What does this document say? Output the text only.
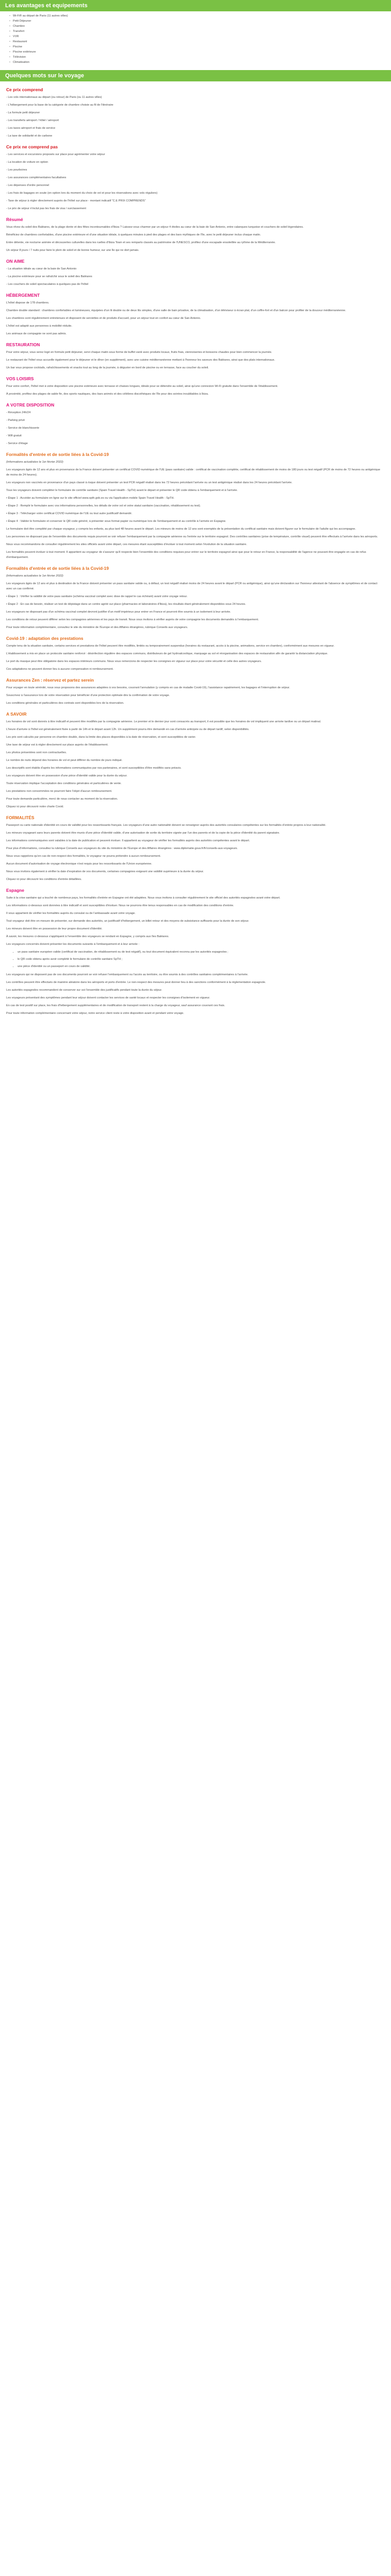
Les avantages et equipements
• Wi-Fi® au départ de Paris (11 autres villes)
• Petit Déjeuner
• Chambre
• Transfert
• VVR
• Restaurant
• Piscine
• Piscine extérieure
• Télévision
• Climatisation
Quelques mots sur le voyage
Ce prix comprend

- Les vols internationaux au départ (ou retour) de Paris (ou 11 autres villes)

- L'hébergement pour la base de la catégorie de chambre choisie au fil de l'itinéraire

- La formule petit déjeuner

- Les transferts aéroport / hôtel / aéroport

- Les taxes aéroport et frais de service

- La taxe de solidarité et de carbone

Ce prix ne comprend pas

- Les services et excursions proposés sur place pour agrémenter votre séjour

- La location de voiture en option

- Les pourboires

- Les assurances complémentaires facultatives

- Les dépenses d'ordre personnel

- Les frais de bagages en soute (en option lors du moment du choix de vol et pour les réservations avec vols réguliers)

- Taxe de séjour à régler directement auprès de l'hôtel sur place - montant indicatif “C.E PRIX COMPRENDS”

- Le prix de séjour n'inclut pas les frais de visa / surclassement

Résumé

Vous rêvez du soleil des Baléares, de la plage dorée et des fêtes incontournables d'Ibiza ? Laissez-vous charmer par un séjour 4 étoiles au cœur de la baie de San Antonio, entre calanques turquoise et couchers de soleil légendaires.

Bénéficiez de chambres confortables, d'une piscine extérieure et d'une situation idéale, à quelques minutes à pied des plages et des bars mythiques de l'île, avec le petit déjeuner inclus chaque matin.

Entre détente, vie nocturne animée et découvertes culturelles dans les ruelles d'Ibiza Town et ses remparts classés au patrimoine de l'UNESCO, profitez d'une escapade ensoleillée au rythme de la Méditerranée.

Un séjour 8 jours / 7 nuits pour faire le plein de soleil et de bonne humeur, sur une île qui ne dort jamais.

ON AIME

- La situation idéale au cœur de la baie de San Antonio

- La piscine extérieure pour se rafraîchir sous le soleil des Baléares

- Les couchers de soleil spectaculaires à quelques pas de l'hôtel

HÉBERGEMENT

L'hôtel dispose de 178 chambres.

Chambre double standard : chambres confortables et lumineuses, équipées d'un lit double ou de deux lits simples, d'une salle de bain privative, de la climatisation, d'un téléviseur à écran plat, d'un coffre-fort et d'un balcon pour profiter de la douceur méditerranéenne.

Les chambres sont régulièrement entretenues et disposent de serviettes et de produits d'accueil, pour un séjour tout en confort au cœur de San Antonio.

L'hôtel est adapté aux personnes à mobilité réduite.

Les animaux de compagnie ne sont pas admis.

RESTAURATION

Pour votre séjour, vous serez logé en formule petit déjeuner, servi chaque matin sous forme de buffet varié avec produits locaux, fruits frais, viennoiseries et boissons chaudes pour bien commencer la journée.

Le restaurant de l'hôtel vous accueille également pour le déjeuner et le dîner (en supplément), avec une cuisine méditerranéenne mettant à l'honneur les saveurs des Baléares, ainsi que des plats internationaux.

Un bar vous propose cocktails, rafraîchissements et snacks tout au long de la journée, à déguster en bord de piscine ou en terrasse, face au coucher du soleil.

VOS LOISIRS

Pour votre confort, l'hôtel met à votre disposition une piscine extérieure avec terrasse et chaises longues, idéale pour se détendre au soleil, ainsi qu'une connexion Wi-Fi gratuite dans l'ensemble de l'établissement.

À proximité, profitez des plages de sable fin, des sports nautiques, des bars animés et des célèbres discothèques de l'île pour des soirées inoubliables à Ibiza.

A VOTRE DISPOSITION

- Réception 24h/24

- Parking privé

- Service de blanchisserie

- Wifi gratuit

- Service d'étage

Formalités d'entrée et de sortie liées à la Covid-19

(Informations actualisées le 1er février 2022)

Les voyageurs âgés de 12 ans et plus en provenance de la France doivent présenter un certificat COVID numérique de l'UE (pass sanitaire) valide : certificat de vaccination complète, certificat de rétablissement de moins de 180 jours ou test négatif (PCR de moins de 72 heures ou antigénique de moins de 24 heures).

Les voyageurs non vaccinés en provenance d'un pays classé à risque doivent présenter un test PCR négatif réalisé dans les 72 heures précédant l'arrivée ou un test antigénique réalisé dans les 24 heures précédant l'arrivée.

Tous les voyageurs doivent compléter le formulaire de contrôle sanitaire (Spain Travel Health - SpTH) avant le départ et présenter le QR code obtenu à l'embarquement et à l'arrivée.

• Étape 1 : Accéder au formulaire en ligne sur le site officiel www.spth.gob.es ou via l'application mobile Spain Travel Health - SpTH.

• Étape 2 : Remplir le formulaire avec vos informations personnelles, les détails de votre vol et votre statut sanitaire (vaccination, rétablissement ou test).

• Étape 3 : Télécharger votre certificat COVID numérique de l'UE ou tout autre justificatif demandé.

• Étape 4 : Valider le formulaire et conserver le QR code généré, à présenter sous format papier ou numérique lors de l'embarquement et au contrôle à l'arrivée en Espagne.

Le formulaire doit être complété par chaque voyageur, y compris les enfants, au plus tard 48 heures avant le départ. Les mineurs de moins de 12 ans sont exemptés de la présentation du certificat sanitaire mais doivent figurer sur le formulaire de l'adulte qui les accompagne.

Les personnes ne disposant pas de l'ensemble des documents requis pourront se voir refuser l'embarquement par la compagnie aérienne ou l'entrée sur le territoire espagnol. Des contrôles sanitaires (prise de température, contrôle visuel) peuvent être effectués à l'arrivée dans les aéroports.

Nous vous recommandons de consulter régulièrement les sites officiels avant votre départ, ces mesures étant susceptibles d'évoluer à tout moment selon l'évolution de la situation sanitaire.

Les formalités peuvent évoluer à tout moment. Il appartient au voyageur de s'assurer qu'il respecte bien l'ensemble des conditions requises pour entrer sur le territoire espagnol ainsi que pour le retour en France, la responsabilité de l'agence ne pouvant être engagée en cas de refus d'embarquement.

Formalités d'entrée et de sortie liées à la Covid-19

(Informations actualisées le 1er février 2022)

Les voyageurs âgés de 12 ans et plus à destination de la France doivent présenter un pass sanitaire valide ou, à défaut, un test négatif réalisé moins de 24 heures avant le départ (PCR ou antigénique), ainsi qu'une déclaration sur l'honneur attestant de l'absence de symptômes et de contact avec un cas confirmé.

• Étape 1 : Vérifier la validité de votre pass sanitaire (schéma vaccinal complet avec dose de rappel le cas échéant) avant votre voyage retour.

• Étape 2 : En cas de besoin, réaliser un test de dépistage dans un centre agréé sur place (pharmacies et laboratoires d'Ibiza), les résultats étant généralement disponibles sous 24 heures.

Les voyageurs ne disposant pas d'un schéma vaccinal complet devront justifier d'un motif impérieux pour entrer en France et pourront être soumis à un isolement à leur arrivée.

Les conditions de retour peuvent différer selon les compagnies aériennes et les pays de transit. Nous vous invitons à vérifier auprès de votre compagnie les documents demandés à l'embarquement.

Pour toute information complémentaire, consultez le site du ministère de l'Europe et des Affaires étrangères, rubrique Conseils aux voyageurs.

Covid-19 : adaptation des prestations

Compte tenu de la situation sanitaire, certains services et prestations de l'hôtel peuvent être modifiés, limités ou temporairement suspendus (horaires du restaurant, accès à la piscine, animations, service en chambre), conformément aux mesures en vigueur.

L'établissement a mis en place un protocole sanitaire renforcé : désinfection régulière des espaces communs, distributeurs de gel hydroalcoolique, marquage au sol et réorganisation des espaces de restauration afin de garantir la distanciation physique.

Le port du masque peut être obligatoire dans les espaces intérieurs communs. Nous vous remercions de respecter les consignes en vigueur sur place pour votre sécurité et celle des autres voyageurs.

Ces adaptations ne peuvent donner lieu à aucune compensation ni remboursement.

Assurances Zen : réservez et partez serein

Pour voyager en toute sérénité, nous vous proposons des assurances adaptées à vos besoins, couvrant l'annulation (y compris en cas de maladie Covid-19), l'assistance rapatriement, les bagages et l'interruption de séjour.

Souscrivez à l'assurance lors de votre réservation pour bénéficier d'une protection optimale dès la confirmation de votre voyage.

Les conditions générales et particulières des contrats sont disponibles lors de la réservation.

A SAVOIR

Les horaires de vol sont donnés à titre indicatif et peuvent être modifiés par la compagnie aérienne. Le premier et le dernier jour sont consacrés au transport, il est possible que les horaires de vol impliquent une arrivée tardive ou un départ matinal.

L'heure d'arrivée à l'hôtel est généralement fixée à partir de 14h et le départ avant 12h. Un supplément pourra être demandé en cas d'arrivée anticipée ou de départ tardif, selon disponibilités.

Les prix sont calculés par personne en chambre double, dans la limite des places disponibles à la date de réservation, et sont susceptibles de varier.

Une taxe de séjour est à régler directement sur place auprès de l'établissement.

Les photos présentées sont non contractuelles.

Le nombre de nuits dépend des horaires de vol et peut différer du nombre de jours indiqué.

Les descriptifs sont établis d'après les informations communiquées par nos partenaires, et sont susceptibles d'être modifiés sans préavis.

Les voyageurs doivent être en possession d'une pièce d'identité valide pour la durée du séjour.

Toute réservation implique l'acceptation des conditions générales et particulières de vente.

Les prestations non consommées ne pourront faire l'objet d'aucun remboursement.

Pour toute demande particulière, merci de nous contacter au moment de la réservation.

Cliquez ici pour découvrir notre charte Covid.

FORMALITÉS

Passeport ou carte nationale d'identité en cours de validité pour les ressortissants français. Les voyageurs d'une autre nationalité doivent se renseigner auprès des autorités consulaires compétentes sur les formalités d'entrée propres à leur nationalité.

Les mineurs voyageant sans leurs parents doivent être munis d'une pièce d'identité valide, d'une autorisation de sortie du territoire signée par l'un des parents et de la copie de la pièce d'identité du parent signataire.

Les informations communiquées sont valables à la date de publication et peuvent évoluer. Il appartient au voyageur de vérifier les formalités auprès des autorités compétentes avant le départ.

Pour plus d'informations, consultez la rubrique Conseils aux voyageurs du site du ministère de l'Europe et des Affaires étrangères : www.diplomatie.gouv.fr/fr/conseils-aux-voyageurs.

Nous vous rappelons qu'en cas de non-respect des formalités, le voyageur ne pourra prétendre à aucun remboursement.

Aucun document d'autorisation de voyage électronique n'est requis pour les ressortissants de l'Union européenne.

Nous vous invitons également à vérifier la date d'expiration de vos documents, certaines compagnies exigeant une validité supérieure à la durée du séjour.

Cliquez ici pour découvrir les conditions d'entrée détaillées.

Espagne

Suite à la crise sanitaire qui a touché de nombreux pays, les formalités d'entrée en Espagne ont été adaptées. Nous vous invitons à consulter régulièrement le site officiel des autorités espagnoles avant votre départ.

Les informations ci-dessous sont données à titre indicatif et sont susceptibles d'évoluer. Nous ne pourrons être tenus responsables en cas de modification des conditions d'entrée.

Il vous appartient de vérifier les formalités auprès du consulat ou de l'ambassade avant votre voyage.

Tout voyageur doit être en mesure de présenter, sur demande des autorités, un justificatif d'hébergement, un billet retour et des moyens de subsistance suffisants pour la durée de son séjour.

Les mineurs doivent être en possession de leur propre document d'identité.

À savoir, les mesures ci-dessous s'appliquent à l'ensemble des voyageurs se rendant en Espagne, y compris aux îles Baléares.

Les voyageurs concernés doivent présenter les documents suivants à l'embarquement et à leur arrivée :

• un pass sanitaire européen valide (certificat de vaccination, de rétablissement ou de test négatif), ou tout document équivalent reconnu par les autorités espagnoles ;
• le QR code obtenu après avoir complété le formulaire de contrôle sanitaire SpTH ;
• une pièce d'identité ou un passeport en cours de validité.

Les voyageurs qui ne disposent pas de ces documents pourront se voir refuser l'embarquement ou l'accès au territoire, ou être soumis à des contrôles sanitaires complémentaires à l'arrivée.

Les contrôles peuvent être effectués de manière aléatoire dans les aéroports et ports d'entrée. Le non-respect des mesures peut donner lieu à des sanctions conformément à la réglementation espagnole.

Les autorités espagnoles recommandent de conserver sur soi l'ensemble des justificatifs pendant toute la durée du séjour.

Les voyageurs présentant des symptômes pendant leur séjour doivent contacter les services de santé locaux et respecter les consignes d'isolement en vigueur.

En cas de test positif sur place, les frais d'hébergement supplémentaires et de modification de transport restent à la charge du voyageur, sauf assurance couvrant ces frais.

Pour toute information complémentaire concernant votre séjour, notre service client reste à votre disposition avant et pendant votre voyage.
